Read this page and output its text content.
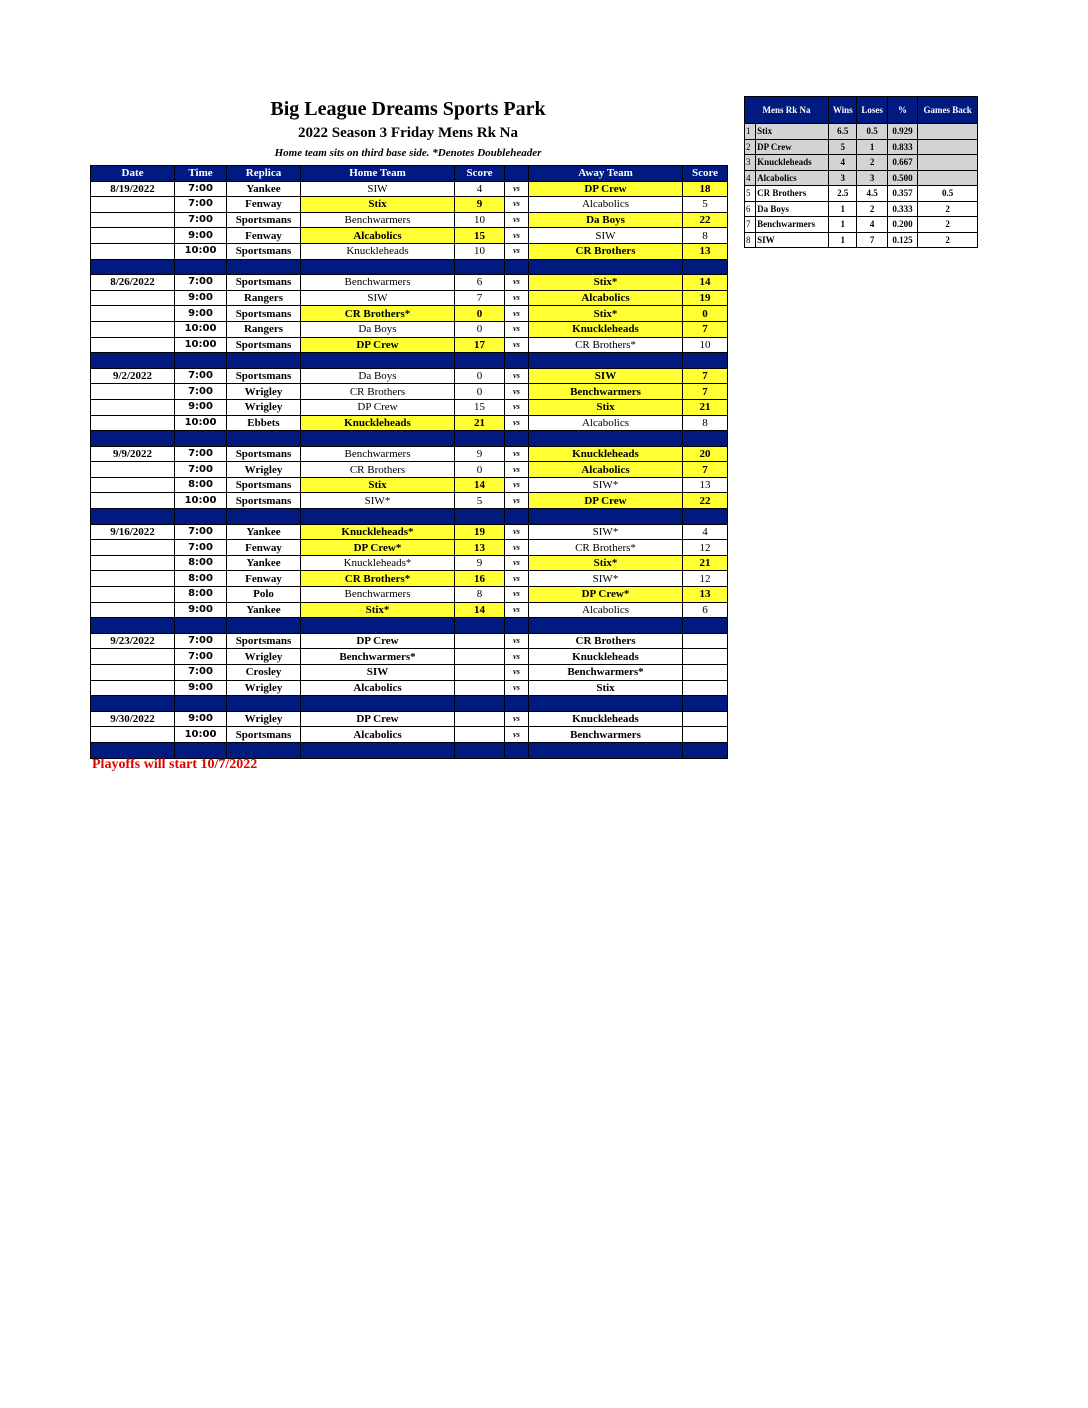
Big League Dreams Sports Park
2022 Season 3 Friday Mens Rk Na
Home team sits on third base side. *Denotes Doubleheader
Date	Time	Replica	Home Team	Score		Away Team	Score
8/19/2022	7:00	Yankee	SIW	4	vs	DP Crew	18
	7:00	Fenway	Stix	9	vs	Alcabolics	5
	7:00	Sportsmans	Benchwarmers	10	vs	Da Boys	22
	9:00	Fenway	Alcabolics	15	vs	SIW	8
	10:00	Sportsmans	Knuckleheads	10	vs	CR Brothers	13

8/26/2022	7:00	Sportsmans	Benchwarmers	6	vs	Stix*	14
	9:00	Rangers	SIW	7	vs	Alcabolics	19
	9:00	Sportsmans	CR Brothers*	0	vs	Stix*	0
	10:00	Rangers	Da Boys	0	vs	Knuckleheads	7
	10:00	Sportsmans	DP Crew	17	vs	CR Brothers*	10

9/2/2022	7:00	Sportsmans	Da Boys	0	vs	SIW	7
	7:00	Wrigley	CR Brothers	0	vs	Benchwarmers	7
	9:00	Wrigley	DP Crew	15	vs	Stix	21
	10:00	Ebbets	Knuckleheads	21	vs	Alcabolics	8

9/9/2022	7:00	Sportsmans	Benchwarmers	9	vs	Knuckleheads	20
	7:00	Wrigley	CR Brothers	0	vs	Alcabolics	7
	8:00	Sportsmans	Stix	14	vs	SIW*	13
	10:00	Sportsmans	SIW*	5	vs	DP Crew	22

9/16/2022	7:00	Yankee	Knuckleheads*	19	vs	SIW*	4
	7:00	Fenway	DP Crew*	13	vs	CR Brothers*	12
	8:00	Yankee	Knuckleheads*	9	vs	Stix*	21
	8:00	Fenway	CR Brothers*	16	vs	SIW*	12
	8:00	Polo	Benchwarmers	8	vs	DP Crew*	13
	9:00	Yankee	Stix*	14	vs	Alcabolics	6

9/23/2022	7:00	Sportsmans	DP Crew		vs	CR Brothers	
	7:00	Wrigley	Benchwarmers*		vs	Knuckleheads	
	7:00	Crosley	SIW		vs	Benchwarmers*	
	9:00	Wrigley	Alcabolics		vs	Stix	

9/30/2022	9:00	Wrigley	DP Crew		vs	Knuckleheads	
	10:00	Sportsmans	Alcabolics		vs	Benchwarmers	

Playoffs will start 10/7/2022
Mens Rk Na		Wins	Loses	%	Games Back
1	Stix	6.5	0.5	0.929	
2	DP Crew	5	1	0.833	
3	Knuckleheads	4	2	0.667	
4	Alcabolics	3	3	0.500	
5	CR Brothers	2.5	4.5	0.357	0.5
6	Da Boys	1	2	0.333	2
7	Benchwarmers	1	4	0.200	2
8	SIW	1	7	0.125	2
